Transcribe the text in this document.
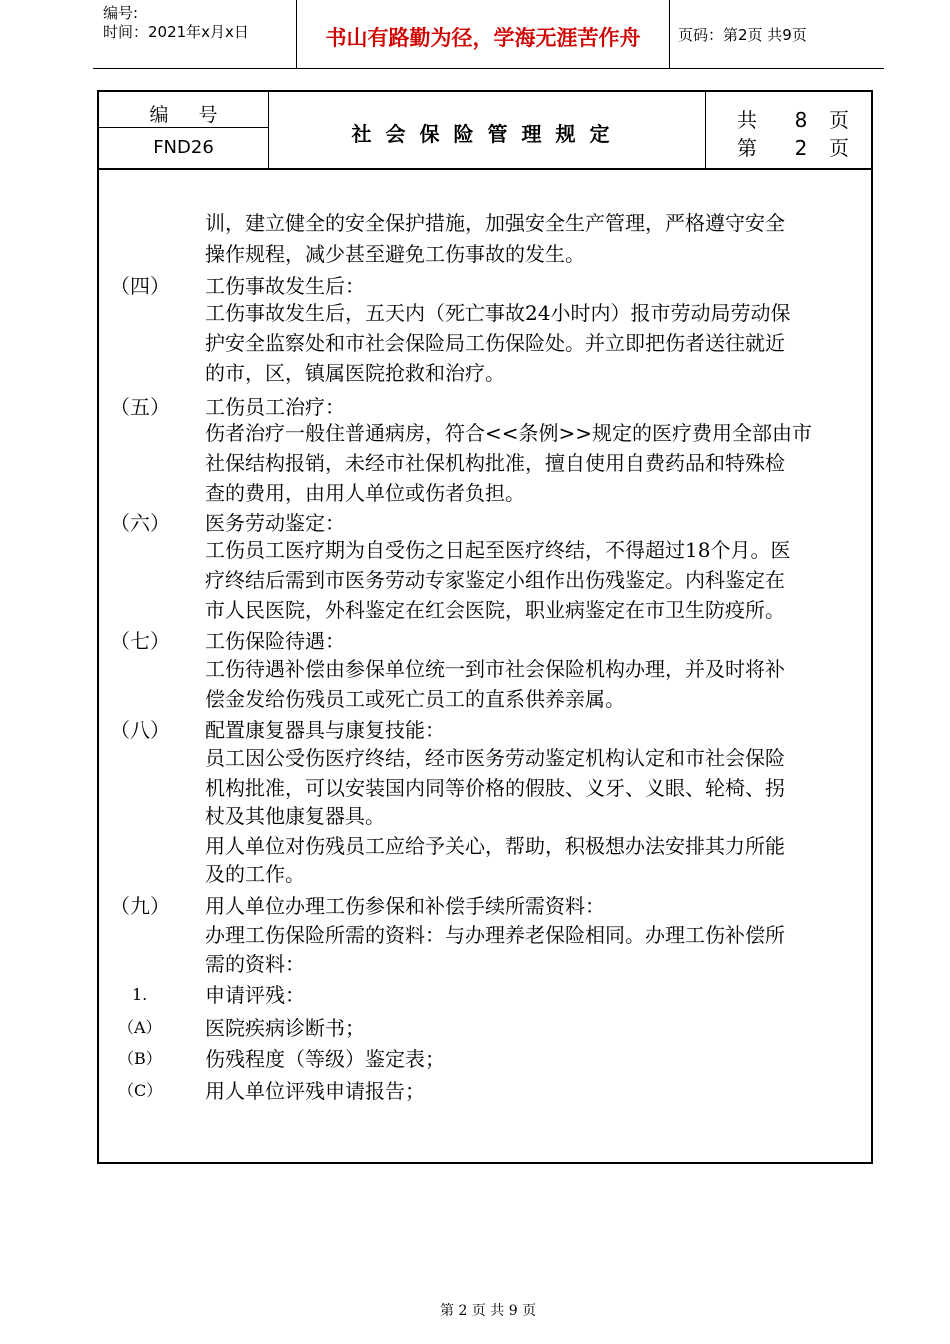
编号:
时间：2021年x月x日	书山有路勤为径，学海无涯苦作舟	页码：第2页 共9页
编号
FND26
社会保险管理规定
共 8 页
第 2 页
训，建立健全的安全保护措施，加强安全生产管理，严格遵守安全
操作规程，减少甚至避免工伤事故的发生。
（四） 工伤事故发生后：
工伤事故发生后，五天内（死亡事故24小时内）报市劳动局劳动保
护安全监察处和市社会保险局工伤保险处。并立即把伤者送往就近
的市，区，镇属医院抢救和治疗。
（五） 工伤员工治疗：
伤者治疗一般住普通病房，符合<<条例>>规定的医疗费用全部由市
社保结构报销，未经市社保机构批准，擅自使用自费药品和特殊检
查的费用，由用人单位或伤者负担。
（六） 医务劳动鉴定：
工伤员工医疗期为自受伤之日起至医疗终结，不得超过18个月。医
疗终结后需到市医务劳动专家鉴定小组作出伤残鉴定。内科鉴定在
市人民医院，外科鉴定在红会医院，职业病鉴定在市卫生防疫所。
（七） 工伤保险待遇：
工伤待遇补偿由参保单位统一到市社会保险机构办理，并及时将补
偿金发给伤残员工或死亡员工的直系供养亲属。
（八） 配置康复器具与康复技能：
员工因公受伤医疗终结，经市医务劳动鉴定机构认定和市社会保险
机构批准，可以安装国内同等价格的假肢、义牙、义眼、轮椅、拐
杖及其他康复器具。
用人单位对伤残员工应给予关心，帮助，积极想办法安排其力所能
及的工作。
（九） 用人单位办理工伤参保和补偿手续所需资料：
办理工伤保险所需的资料：与办理养老保险相同。办理工伤补偿所
需的资料：
1.	申请评残：
（A） 医院疾病诊断书；
（B） 伤残程度（等级）鉴定表；
（C） 用人单位评残申请报告；
第 2 页 共 9 页
